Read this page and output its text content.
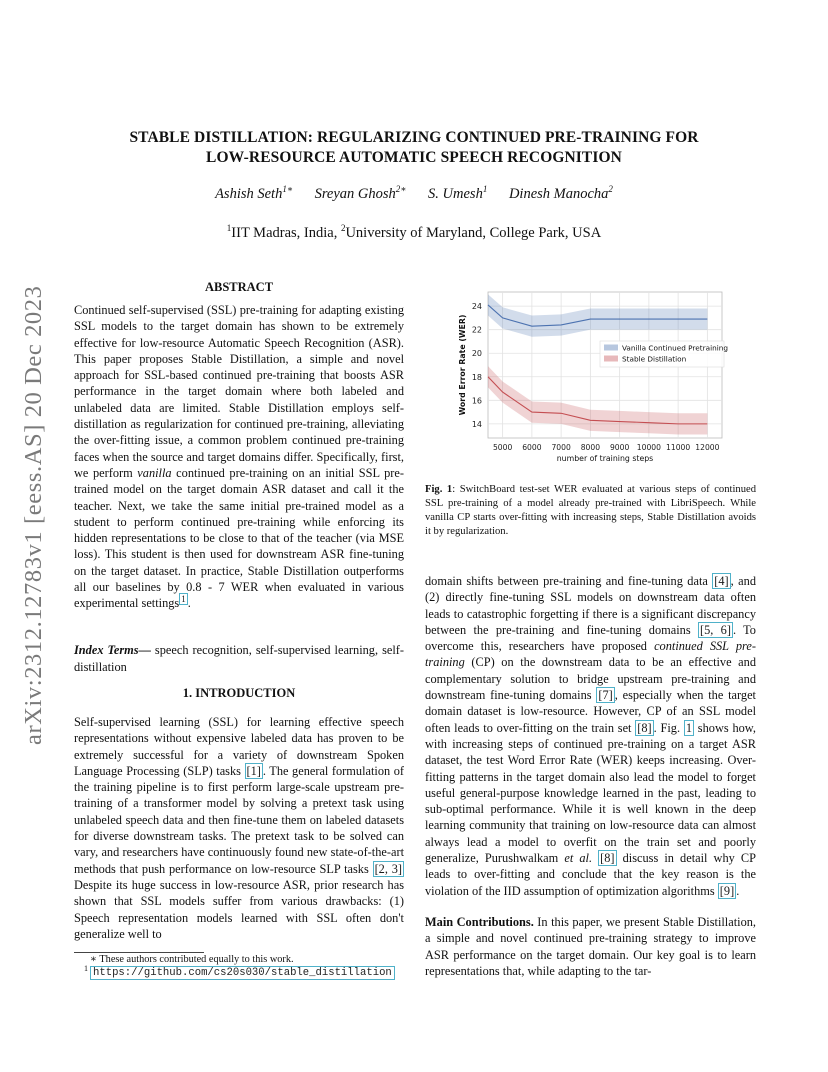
arXiv:2312.12783v1 [eess.AS] 20 Dec 2023
STABLE DISTILLATION: REGULARIZING CONTINUED PRE-TRAINING FOR
LOW-RESOURCE AUTOMATIC SPEECH RECOGNITION
Ashish Seth$^{1∗}$ Sreyan Ghosh$^{2∗}$ S. Umesh$^1$ Dinesh Manocha$^2$
$^1$IIT Madras, India, $^2$University of Maryland, College Park, USA
ABSTRACT

Continued self-supervised (SSL) pre-training for adapting existing SSL models to the target domain has shown to be extremely effective for low-resource Automatic Speech Recognition (ASR). This paper proposes Stable Distillation, a simple and novel approach for SSL-based continued pre-training that boosts ASR performance in the target domain where both labeled and unlabeled data are limited. Stable Distillation employs self-distillation as regularization for continued pre-training, alleviating the over-fitting issue, a common problem continued pre-training faces when the source and target domains differ. Specifically, first, we perform vanilla continued pre-training on an initial SSL pre-trained model on the target domain ASR dataset and call it the teacher. Next, we take the same initial pre-trained model as a student to perform continued pre-training while enforcing its hidden representations to be close to that of the teacher (via MSE loss). This student is then used for downstream ASR fine-tuning on the target dataset. In practice, Stable Distillation outperforms all our baselines by 0.8 - 7 WER when evaluated in various experimental settings $^1$ .

Index Terms— speech recognition, self-supervised learning, self-distillation

1. INTRODUCTION

Self-supervised learning (SSL) for learning effective speech representations without expensive labeled data has proven to be extremely successful for a variety of downstream Spoken Language Processing (SLP) tasks [1] . The general formulation of the training pipeline is to first perform large-scale upstream pre-training of a transformer model by solving a pretext task using unlabeled speech data and then fine-tune them on labeled datasets for diverse downstream tasks. The pretext task to be solved can vary, and researchers have continuously found new state-of-the-art methods that push performance on low-resource SLP tasks [2, 3] Despite its huge success in low-resource ASR, prior research has shown that SSL models suffer from various drawbacks: (1) Speech representation models learned with SSL often don't generalize well to

∗ These authors contributed equally to this work.
1 https://github.com/cs20s030/stable_distillation
14
16
18
20
22
24
5000 6000 7000 8000 9000 10000 11000 12000
number of training steps
Word Error Rate (WER)	Vanilla Continued Pretraining
Stable Distillation
Fig. 1: SwitchBoard test-set WER evaluated at various steps of continued SSL pre-training of a model already pre-trained with LibriSpeech. While vanilla CP starts over-fitting with increasing steps, Stable Distillation avoids it by regularization.

domain shifts between pre-training and fine-tuning data [4] , and (2) directly fine-tuning SSL models on downstream data often leads to catastrophic forgetting if there is a significant discrepancy between the pre-training and fine-tuning domains [5, 6] . To overcome this, researchers have proposed continued SSL pre-training (CP) on the downstream data to be an effective and complementary solution to bridge upstream pre-training and downstream fine-tuning domains [7] , especially when the target domain dataset is low-resource. However, CP of an SSL model often leads to over-fitting on the train set [8] . Fig. 1 shows how, with increasing steps of continued pre-training on a target ASR dataset, the test Word Error Rate (WER) keeps increasing. Over-fitting patterns in the target domain also lead the model to forget useful general-purpose knowledge learned in the past, leading to sub-optimal performance. While it is well known in the deep learning community that training on low-resource data can almost always lead a model to overfit on the train set and poorly generalize, Purushwalkam et al. [8] discuss in detail why CP leads to over-fitting and conclude that the key reason is the violation of the IID assumption of optimization algorithms [9] .

Main Contributions. In this paper, we present Stable Distillation, a simple and novel continued pre-training strategy to improve ASR performance on the target domain. Our key goal is to learn representations that, while adapting to the tar-
